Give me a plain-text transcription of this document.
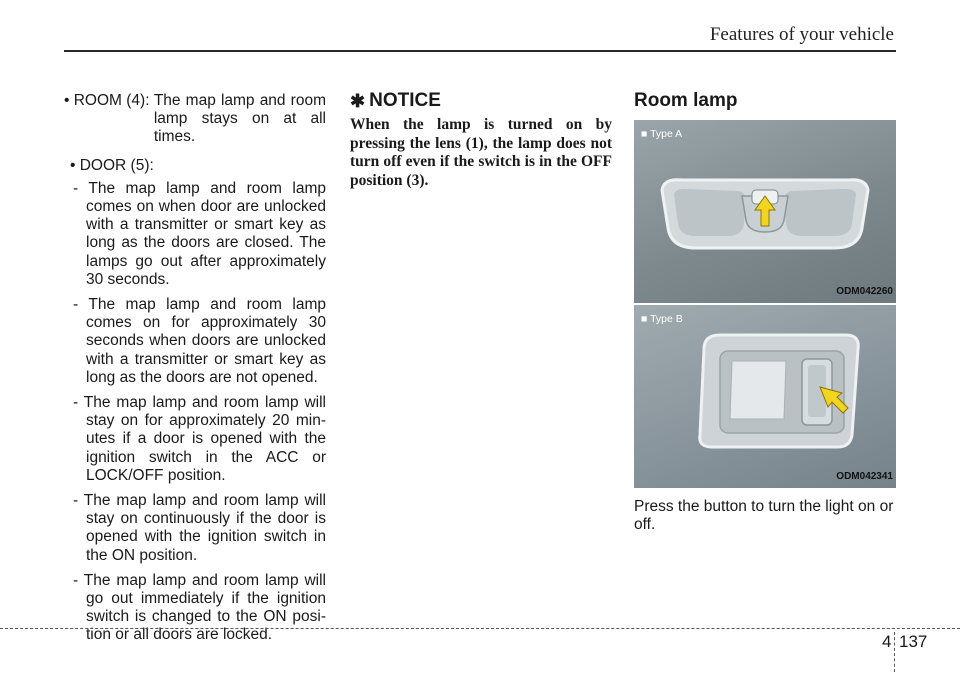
Features of your vehicle
• ROOM (4): The map lamp and room lamp stays on at all times.
• DOOR (5):
- The map lamp and room lamp comes on when door are unlocked with a transmitter or smart key as long as the doors are closed. The lamps go out after approximately 30 seconds.
- The map lamp and room lamp comes on for approximately 30 seconds when doors are unlocked with a transmitter or smart key as long as the doors are not opened.
- The map lamp and room lamp will stay on for approximately 20 min-utes if a door is opened with the ignition switch in the ACC or LOCK/OFF position.
- The map lamp and room lamp will stay on continuously if the door is opened with the ignition switch in the ON position.
- The map lamp and room lamp will go out immediately if the ignition switch is changed to the ON posi-tion or all doors are locked.
✱ NOTICE
When the lamp is turned on by pressing the lens (1), the lamp does not turn off even if the switch is in the OFF position (3).
Room lamp
■ Type A
ODM042260
■ Type B
ODM042341
Press the button to turn the light on or off.
4 137
